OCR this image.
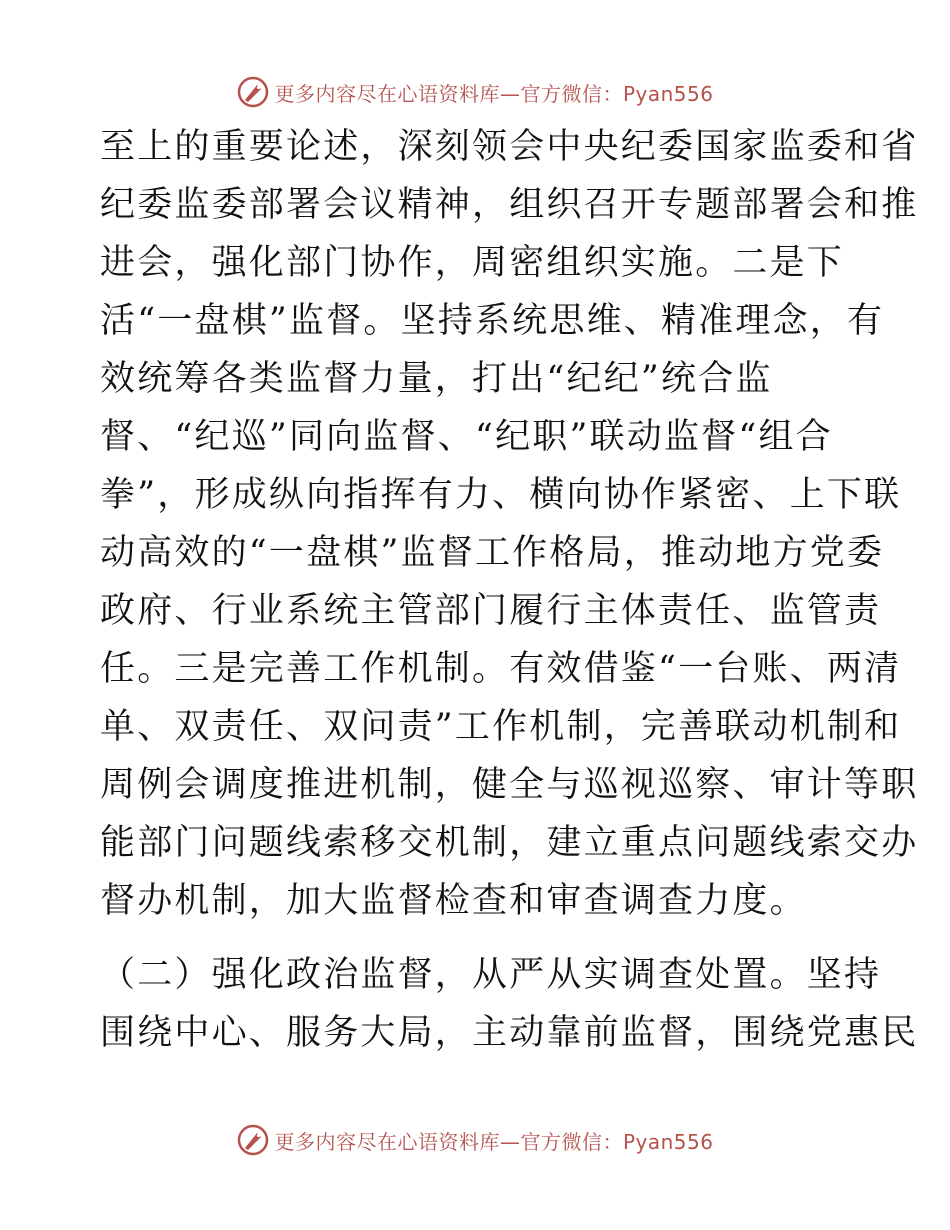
更多内容尽在心语资料库—官方微信：Pyan556
至上的重要论述，深刻领会中央纪委国家监委和省
纪委监委部署会议精神，组织召开专题部署会和推
进会，强化部门协作，周密组织实施。二是下
活“一盘棋”监督。坚持系统思维、精准理念，有
效统筹各类监督力量，打出“纪纪”统合监
督、“纪巡”同向监督、“纪职”联动监督“组合
拳”，形成纵向指挥有力、横向协作紧密、上下联
动高效的“一盘棋”监督工作格局，推动地方党委
政府、行业系统主管部门履行主体责任、监管责
任。三是完善工作机制。有效借鉴“一台账、两清
单、双责任、双问责”工作机制，完善联动机制和
周例会调度推进机制，健全与巡视巡察、审计等职
能部门问题线索移交机制，建立重点问题线索交办
督办机制，加大监督检查和审查调查力度。
（二）强化政治监督，从严从实调查处置。坚持
围绕中心、服务大局，主动靠前监督，围绕党惠民
更多内容尽在心语资料库—官方微信：Pyan556
